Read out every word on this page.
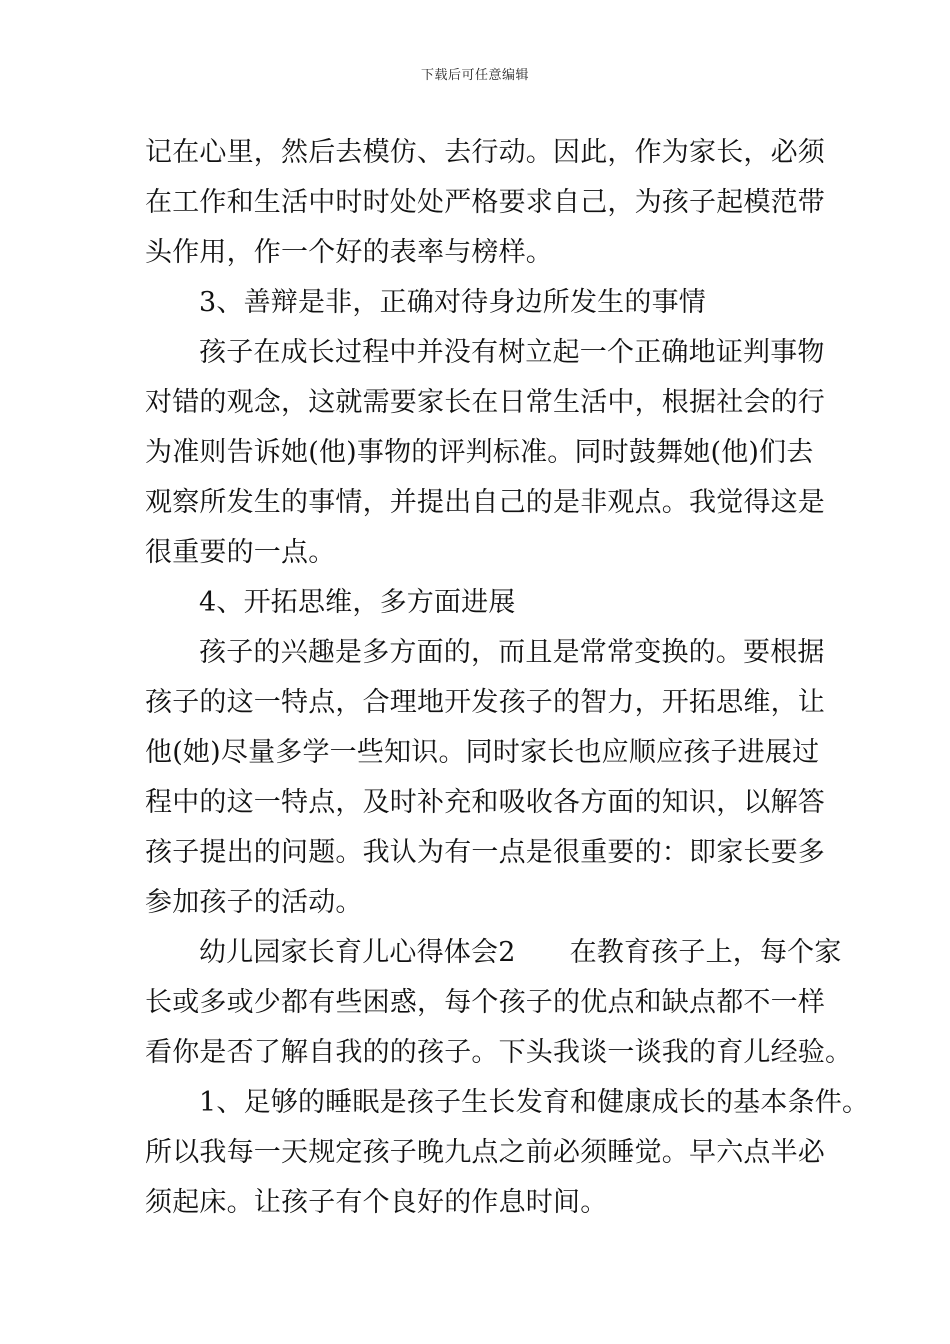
下载后可任意编辑

记在心里，然后去模仿、去行动。因此，作为家长，必须

在工作和生活中时时处处严格要求自己，为孩子起模范带

头作用，作一个好的表率与榜样。

3、善辩是非，正确对待身边所发生的事情

孩子在成长过程中并没有树立起一个正确地证判事物

对错的观念，这就需要家长在日常生活中，根据社会的行

为准则告诉她(他)事物的评判标准。同时鼓舞她(他)们去

观察所发生的事情，并提出自己的是非观点。我觉得这是

很重要的一点。

4、开拓思维，多方面进展

孩子的兴趣是多方面的，而且是常常变换的。要根据

孩子的这一特点，合理地开发孩子的智力，开拓思维，让

他(她)尽量多学一些知识。同时家长也应顺应孩子进展过

程中的这一特点，及时补充和吸收各方面的知识，以解答

孩子提出的问题。我认为有一点是很重要的：即家长要多

参加孩子的活动。

幼儿园家长育儿心得体会2 在教育孩子上，每个家

长或多或少都有些困惑，每个孩子的优点和缺点都不一样

看你是否了解自我的的孩子。下头我谈一谈我的育儿经验。

1、足够的睡眠是孩子生长发育和健康成长的基本条件。

所以我每一天规定孩子晚九点之前必须睡觉。早六点半必

须起床。让孩子有个良好的作息时间。
